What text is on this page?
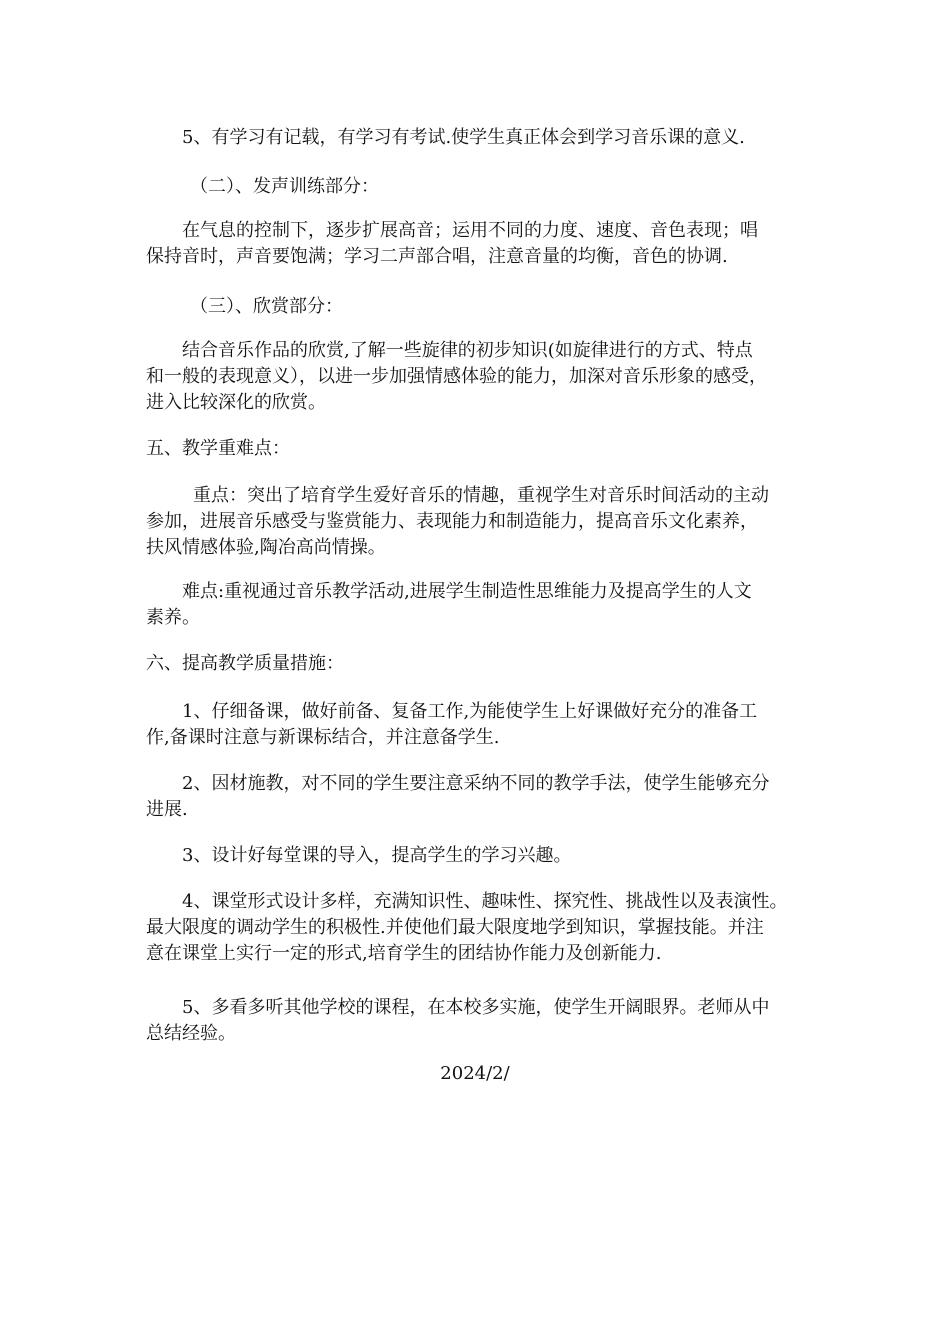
5、有学习有记载，有学习有考试.使学生真正体会到学习音乐课的意义.
（二）、发声训练部分：
在气息的控制下，逐步扩展高音；运用不同的力度、速度、音色表现；唱
保持音时，声音要饱满；学习二声部合唱，注意音量的均衡，音色的协调.
（三）、欣赏部分：
结合音乐作品的欣赏,了解一些旋律的初步知识(如旋律进行的方式、特点
和一般的表现意义），以进一步加强情感体验的能力，加深对音乐形象的感受，
进入比较深化的欣赏。
五、教学重难点：
重点：突出了培育学生爱好音乐的情趣，重视学生对音乐时间活动的主动
参加，进展音乐感受与鉴赏能力、表现能力和制造能力，提高音乐文化素养，
扶风情感体验,陶冶高尚情操。
难点:重视通过音乐教学活动,进展学生制造性思维能力及提高学生的人文
素养。
六、提高教学质量措施：
1、仔细备课，做好前备、复备工作,为能使学生上好课做好充分的准备工
作,备课时注意与新课标结合，并注意备学生.
2、因材施教，对不同的学生要注意采纳不同的教学手法，使学生能够充分
进展.
3、设计好每堂课的导入，提高学生的学习兴趣。
4、课堂形式设计多样，充满知识性、趣味性、探究性、挑战性以及表演性。
最大限度的调动学生的积极性.并使他们最大限度地学到知识，掌握技能。并注
意在课堂上实行一定的形式,培育学生的团结协作能力及创新能力.
5、多看多听其他学校的课程，在本校多实施，使学生开阔眼界。老师从中
总结经验。
2024/2/
